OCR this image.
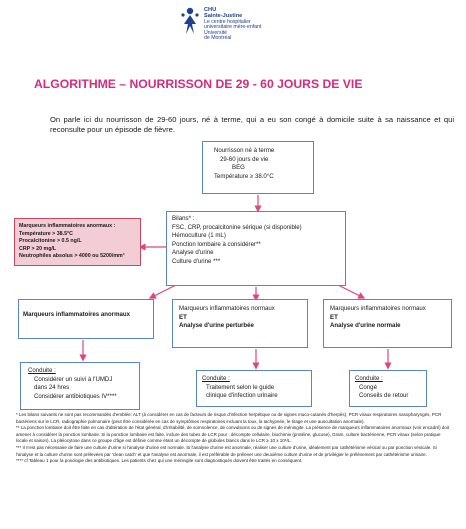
CHU
Sainte-Justine
Le centre hospitalier
universitaire mère-enfant
Université
de Montréal
ALGORITHME – NOURRISSON DE 29 - 60 JOURS DE VIE
On parle ici du nourrisson de 29-60 jours, né à terme, qui a eu son congé à domicile suite à sa naissance et qui reconsulte pour un épisode de fièvre.
Nourrisson né à terme
29-60 jours de vie
BEG
Température ≥ 38.0°C
Marqueurs inflammatoires anormaux :
Température > 38.5°C
Procalcitonine > 0.5 ng/L
CRP > 20 mg/L
Neutrophiles absolus > 4000 ou 5200/mm³
Bilans* :
FSC, CRP, procalcitonine sérique (si disponible)
Hémoculture (1 mL)
Ponction lombaire à considérer**
Analyse d'urine
Culture d'urine ***
Marqueurs inflammatoires anormaux
Marqueurs inflammatoires normaux
ET
Analyse d'urine perturbée
Marqueurs inflammatoires normaux
ET
Analyse d'urine normale
Conduite :
Considérer un suivi à l'UMDJ
dans 24 hres
Considérer antibiotiques IV****
Conduite :
Traitement selon le guide
clinique d'infection urinaire
Conduite :
Congé
Conseils de retour
* Les bilans suivants ne sont pas recommandés d'emblée: ALT (à considérer en cas de facteurs de risque d'infection herpétique ou de signes muco-cutanés d'herpès), PCR viraux respiratoires nasopharyngés, PCR bactériens sur le LCR, radiographie pulmonaire (peut être considérée en cas de symptômes respiratoires incluant la toux, la tachypnée, le tirage et une auscultation anormale).
** La ponction lombaire doit être faite en cas d'altération de l'état général, d'irritabilité, de somnolence, de convulsions ou de signes de méningite. La présence de marqueurs inflammatoires anormaux (voir encadré) doit amener à considérer la ponction lombaire. Si la ponction lombaire est faite, inclure des tubes de LCR pour : décompte cellulaire, biochimie (protéine, glucose), Gram, culture bactérienne, PCR viraux (selon pratique locale et saison). La pléiocytose dans ce groupe d'âge est définie comme étant un décompte de globules blancs dans le LCR ≥ 10 x 10⁶/L.
*** Il n'est pas nécessaire de faire une culture d'urine si l'analyse d'urine est normale. Si l'analyse d'urine est anormale, réaliser une culture d'urine, idéalement par cathétérisme vésical ou par ponction vésicale. Si l'analyse et la culture d'urine sont prélevées par 'clean catch' et que l'analyse est anormale, il est préférable de prélever une deuxième culture d'urine et de privilégier le prélèvement par cathétérisme urinaire.
**** cf Tableau 1 pour la posologie des antibiotiques. Les patients chez qui une méningite sont diagnostiqués doivent être traités en conséquent.
